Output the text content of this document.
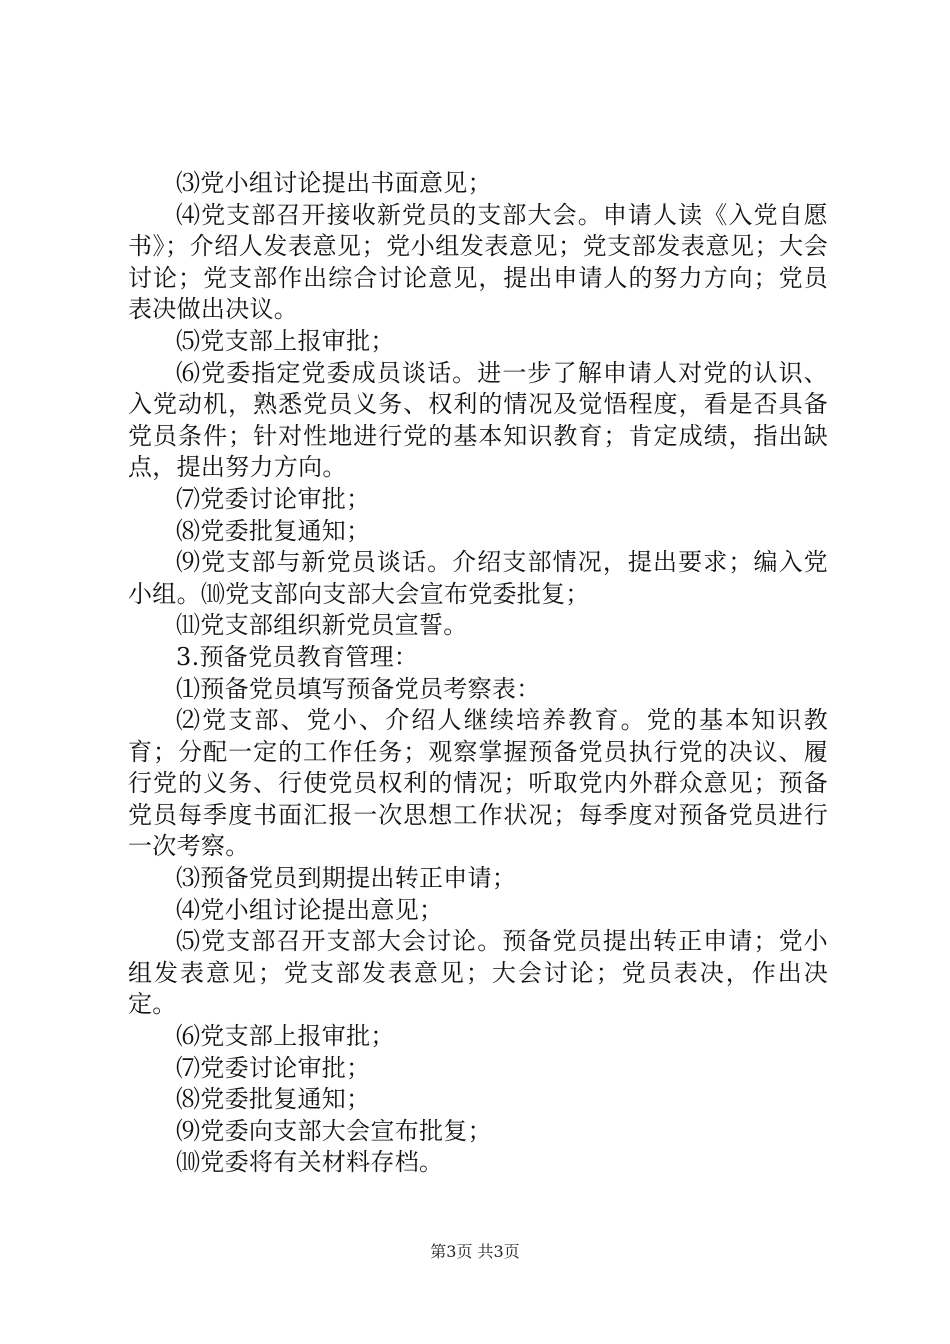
⑶党小组讨论提出书面意见；

⑷党支部召开接收新党员的支部大会。申请人读《入党自愿书》；介绍人发表意见；党小组发表意见；党支部发表意见；大会讨论；党支部作出综合讨论意见，提出申请人的努力方向；党员表决做出决议。

⑸党支部上报审批；

⑹党委指定党委成员谈话。进一步了解申请人对党的认识、入党动机，熟悉党员义务、权利的情况及觉悟程度，看是否具备党员条件；针对性地进行党的基本知识教育；肯定成绩，指出缺点，提出努力方向。

⑺党委讨论审批；

⑻党委批复通知；

⑼党支部与新党员谈话。介绍支部情况，提出要求；编入党小组。⑽党支部向支部大会宣布党委批复；

⑾党支部组织新党员宣誓。

3.预备党员教育管理：

⑴预备党员填写预备党员考察表：

⑵党支部、党小、介绍人继续培养教育。党的基本知识教育；分配一定的工作任务；观察掌握预备党员执行党的决议、履行党的义务、行使党员权利的情况；听取党内外群众意见；预备党员每季度书面汇报一次思想工作状况；每季度对预备党员进行一次考察。

⑶预备党员到期提出转正申请；

⑷党小组讨论提出意见；

⑸党支部召开支部大会讨论。预备党员提出转正申请；党小组发表意见；党支部发表意见；大会讨论；党员表决，作出决定。

⑹党支部上报审批；

⑺党委讨论审批；

⑻党委批复通知；

⑼党委向支部大会宣布批复；

⑽党委将有关材料存档。

第3页 共3页
